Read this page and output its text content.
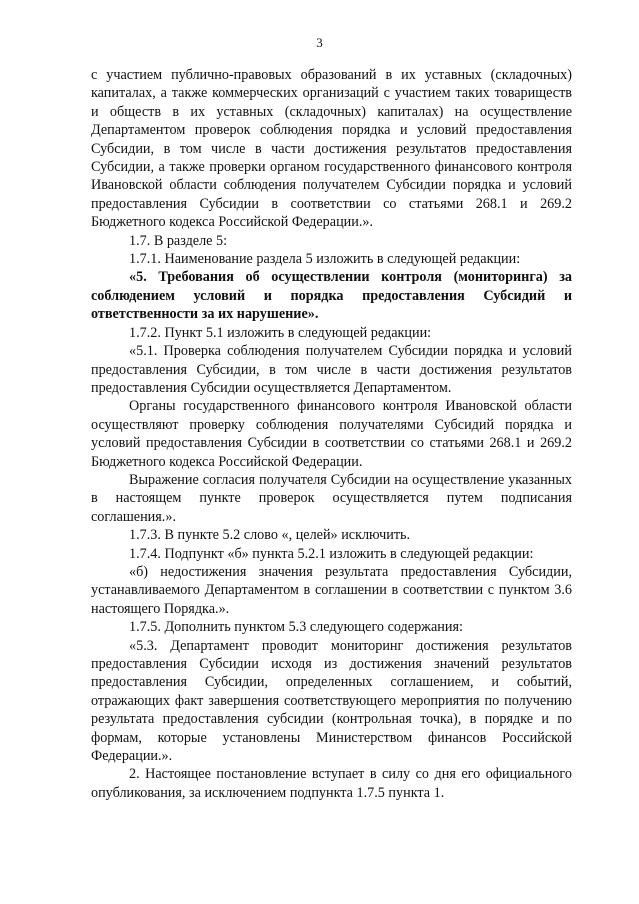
3

с участием публично-правовых образований в их уставных (складочных) капиталах, а также коммерческих организаций с участием таких товариществ и обществ в их уставных (складочных) капиталах) на осуществление Департаментом проверок соблюдения порядка и условий предоставления Субсидии, в том числе в части достижения результатов предоставления Субсидии, а также проверки органом государственного финансового контроля Ивановской области соблюдения получателем Субсидии порядка и условий предоставления Субсидии в соответствии со статьями 268.1 и 269.2 Бюджетного кодекса Российской Федерации.».

1.7. В разделе 5:

1.7.1. Наименование раздела 5 изложить в следующей редакции:

«5. Требования об осуществлении контроля (мониторинга) за соблюдением условий и порядка предоставления Субсидий и ответственности за их нарушение».

1.7.2. Пункт 5.1 изложить в следующей редакции:

«5.1. Проверка соблюдения получателем Субсидии порядка и условий предоставления Субсидии, в том числе в части достижения результатов предоставления Субсидии осуществляется Департаментом.

Органы государственного финансового контроля Ивановской области осуществляют проверку соблюдения получателями Субсидий порядка и условий предоставления Субсидии в соответствии со статьями 268.1 и 269.2 Бюджетного кодекса Российской Федерации.

Выражение согласия получателя Субсидии на осуществление указанных в настоящем пункте проверок осуществляется путем подписания соглашения.».

1.7.3. В пункте 5.2 слово «, целей» исключить.

1.7.4. Подпункт «б» пункта 5.2.1 изложить в следующей редакции:

«б) недостижения значения результата предоставления Субсидии, устанавливаемого Департаментом в соглашении в соответствии с пунктом 3.6 настоящего Порядка.».

1.7.5. Дополнить пунктом 5.3 следующего содержания:

«5.3. Департамент проводит мониторинг достижения результатов предоставления Субсидии исходя из достижения значений результатов предоставления Субсидии, определенных соглашением, и событий, отражающих факт завершения соответствующего мероприятия по получению результата предоставления субсидии (контрольная точка), в порядке и по формам, которые установлены Министерством финансов Российской Федерации.».

2. Настоящее постановление вступает в силу со дня его официального опубликования, за исключением подпункта 1.7.5 пункта 1.
